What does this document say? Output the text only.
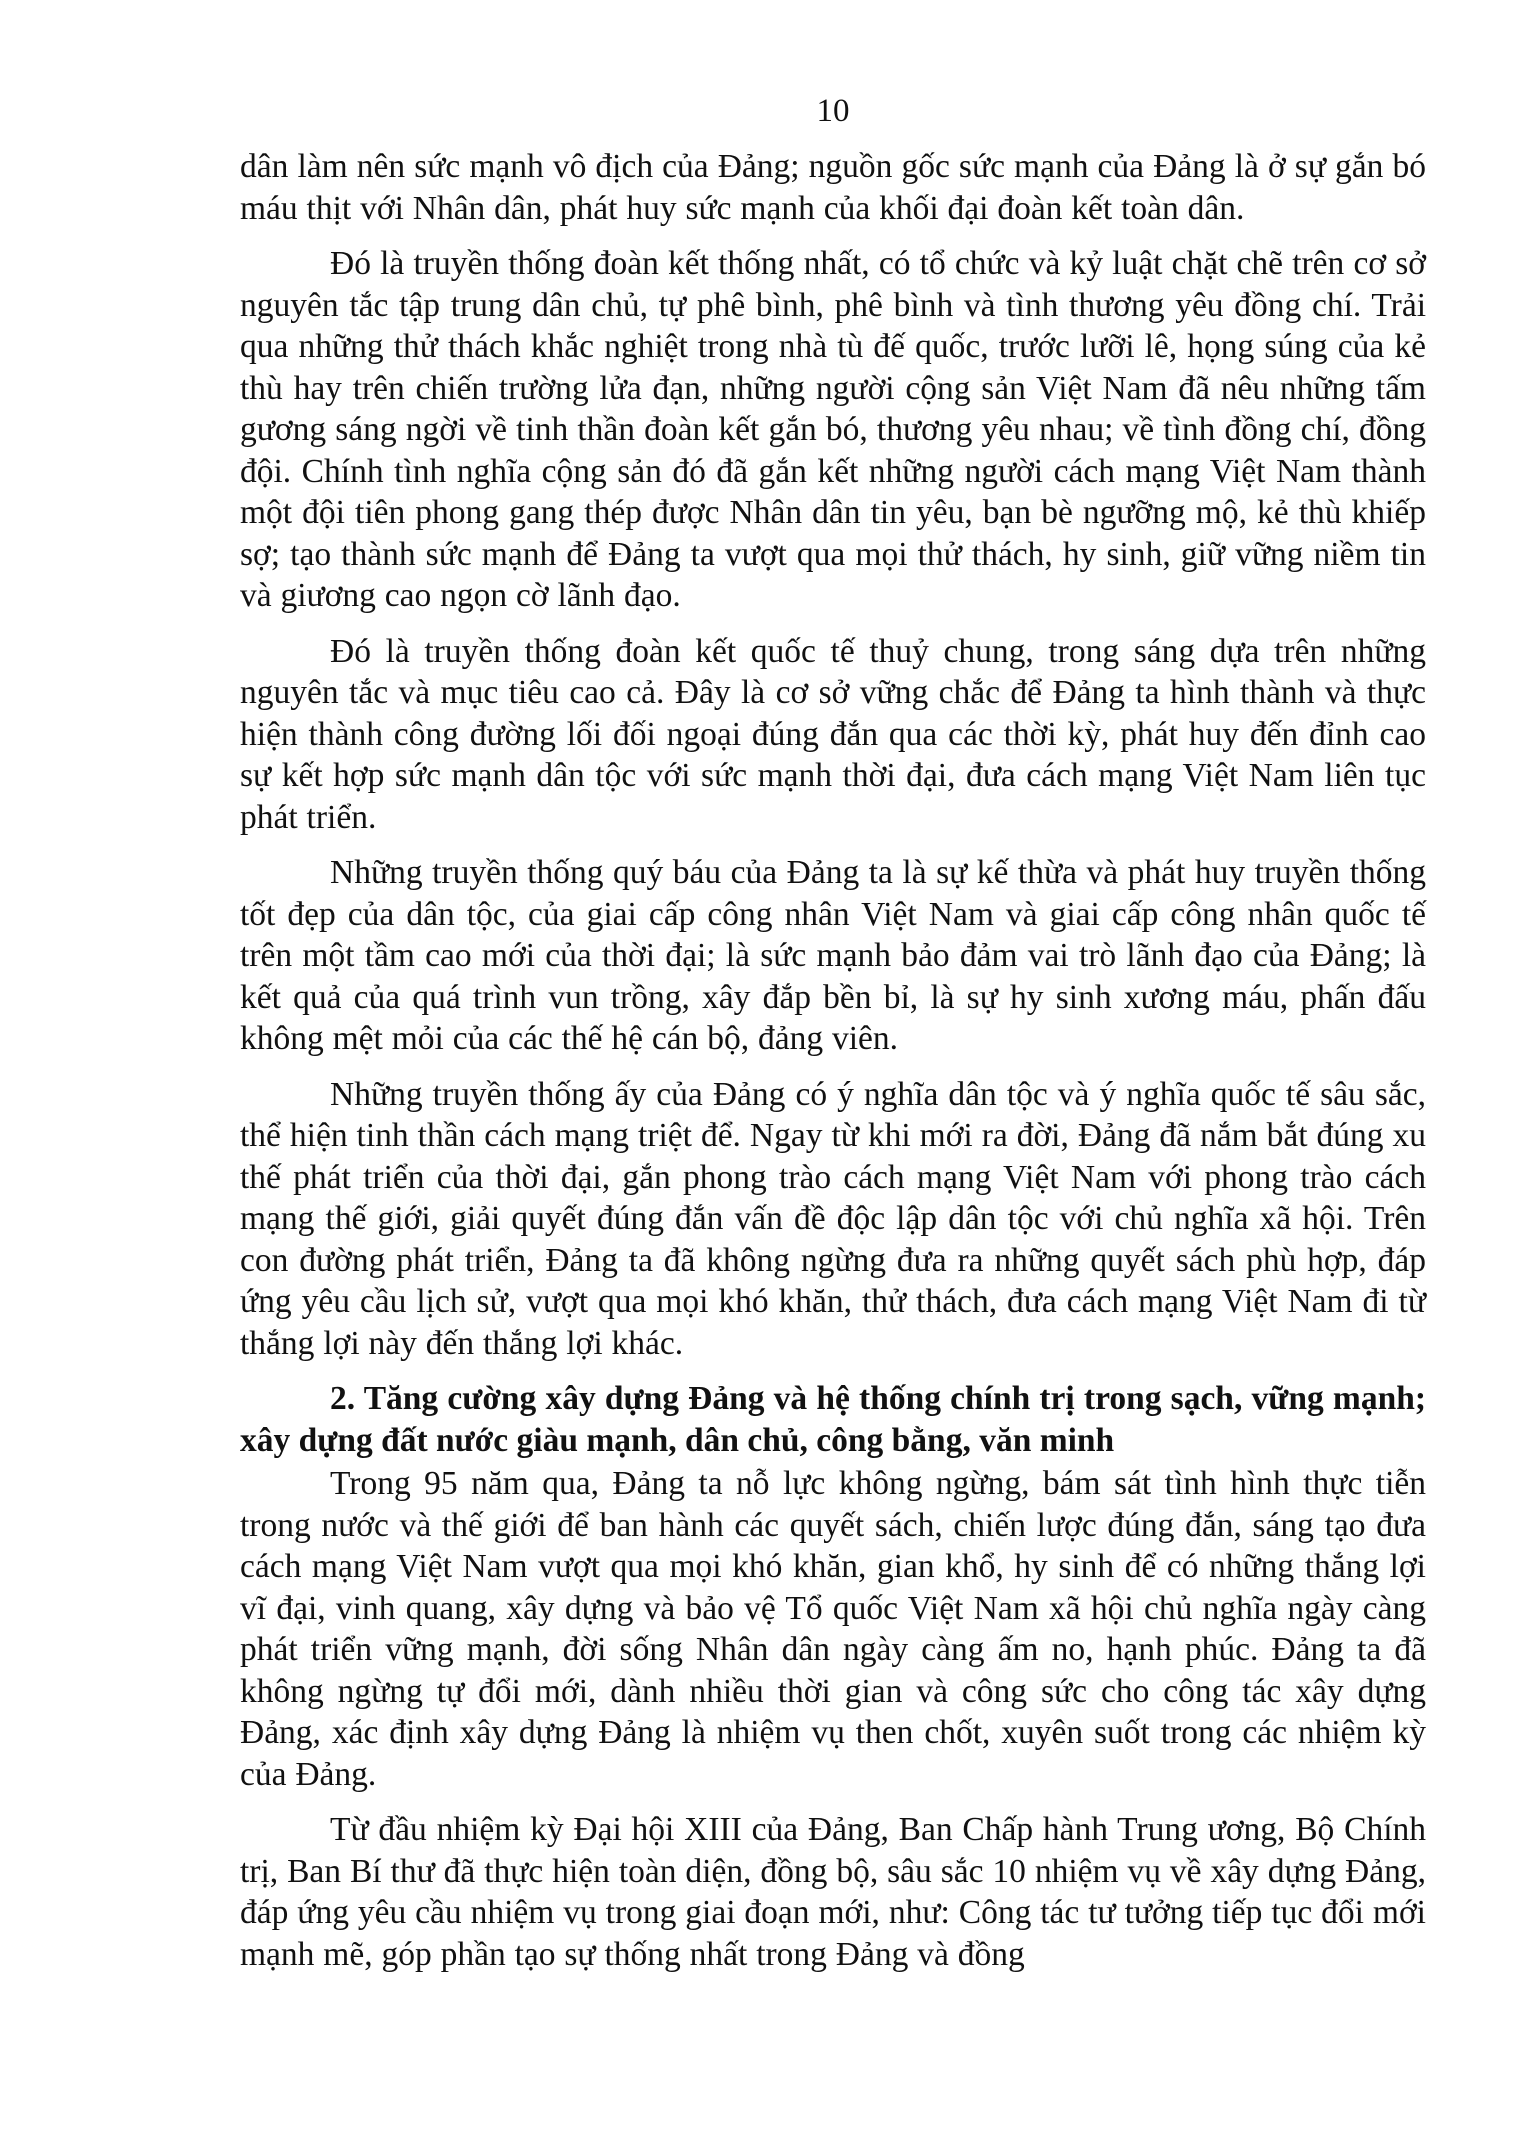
10

dân làm nên sức mạnh vô địch của Đảng; nguồn gốc sức mạnh của Đảng là ở sự gắn bó máu thịt với Nhân dân, phát huy sức mạnh của khối đại đoàn kết toàn dân.

Đó là truyền thống đoàn kết thống nhất, có tổ chức và kỷ luật chặt chẽ trên cơ sở nguyên tắc tập trung dân chủ, tự phê bình, phê bình và tình thương yêu đồng chí. Trải qua những thử thách khắc nghiệt trong nhà tù đế quốc, trước lưỡi lê, họng súng của kẻ thù hay trên chiến trường lửa đạn, những người cộng sản Việt Nam đã nêu những tấm gương sáng ngời về tinh thần đoàn kết gắn bó, thương yêu nhau; về tình đồng chí, đồng đội. Chính tình nghĩa cộng sản đó đã gắn kết những người cách mạng Việt Nam thành một đội tiên phong gang thép được Nhân dân tin yêu, bạn bè ngưỡng mộ, kẻ thù khiếp sợ; tạo thành sức mạnh để Đảng ta vượt qua mọi thử thách, hy sinh, giữ vững niềm tin và giương cao ngọn cờ lãnh đạo.

Đó là truyền thống đoàn kết quốc tế thuỷ chung, trong sáng dựa trên những nguyên tắc và mục tiêu cao cả. Đây là cơ sở vững chắc để Đảng ta hình thành và thực hiện thành công đường lối đối ngoại đúng đắn qua các thời kỳ, phát huy đến đỉnh cao sự kết hợp sức mạnh dân tộc với sức mạnh thời đại, đưa cách mạng Việt Nam liên tục phát triển.

Những truyền thống quý báu của Đảng ta là sự kế thừa và phát huy truyền thống tốt đẹp của dân tộc, của giai cấp công nhân Việt Nam và giai cấp công nhân quốc tế trên một tầm cao mới của thời đại; là sức mạnh bảo đảm vai trò lãnh đạo của Đảng; là kết quả của quá trình vun trồng, xây đắp bền bỉ, là sự hy sinh xương máu, phấn đấu không mệt mỏi của các thế hệ cán bộ, đảng viên.

Những truyền thống ấy của Đảng có ý nghĩa dân tộc và ý nghĩa quốc tế sâu sắc, thể hiện tinh thần cách mạng triệt để. Ngay từ khi mới ra đời, Đảng đã nắm bắt đúng xu thế phát triển của thời đại, gắn phong trào cách mạng Việt Nam với phong trào cách mạng thế giới, giải quyết đúng đắn vấn đề độc lập dân tộc với chủ nghĩa xã hội. Trên con đường phát triển, Đảng ta đã không ngừng đưa ra những quyết sách phù hợp, đáp ứng yêu cầu lịch sử, vượt qua mọi khó khăn, thử thách, đưa cách mạng Việt Nam đi từ thắng lợi này đến thắng lợi khác.

2. Tăng cường xây dựng Đảng và hệ thống chính trị trong sạch, vững mạnh; xây dựng đất nước giàu mạnh, dân chủ, công bằng, văn minh

Trong 95 năm qua, Đảng ta nỗ lực không ngừng, bám sát tình hình thực tiễn trong nước và thế giới để ban hành các quyết sách, chiến lược đúng đắn, sáng tạo đưa cách mạng Việt Nam vượt qua mọi khó khăn, gian khổ, hy sinh để có những thắng lợi vĩ đại, vinh quang, xây dựng và bảo vệ Tổ quốc Việt Nam xã hội chủ nghĩa ngày càng phát triển vững mạnh, đời sống Nhân dân ngày càng ấm no, hạnh phúc. Đảng ta đã không ngừng tự đổi mới, dành nhiều thời gian và công sức cho công tác xây dựng Đảng, xác định xây dựng Đảng là nhiệm vụ then chốt, xuyên suốt trong các nhiệm kỳ của Đảng.

Từ đầu nhiệm kỳ Đại hội XIII của Đảng, Ban Chấp hành Trung ương, Bộ Chính trị, Ban Bí thư đã thực hiện toàn diện, đồng bộ, sâu sắc 10 nhiệm vụ về xây dựng Đảng, đáp ứng yêu cầu nhiệm vụ trong giai đoạn mới, như: Công tác tư tưởng tiếp tục đổi mới mạnh mẽ, góp phần tạo sự thống nhất trong Đảng và đồng
